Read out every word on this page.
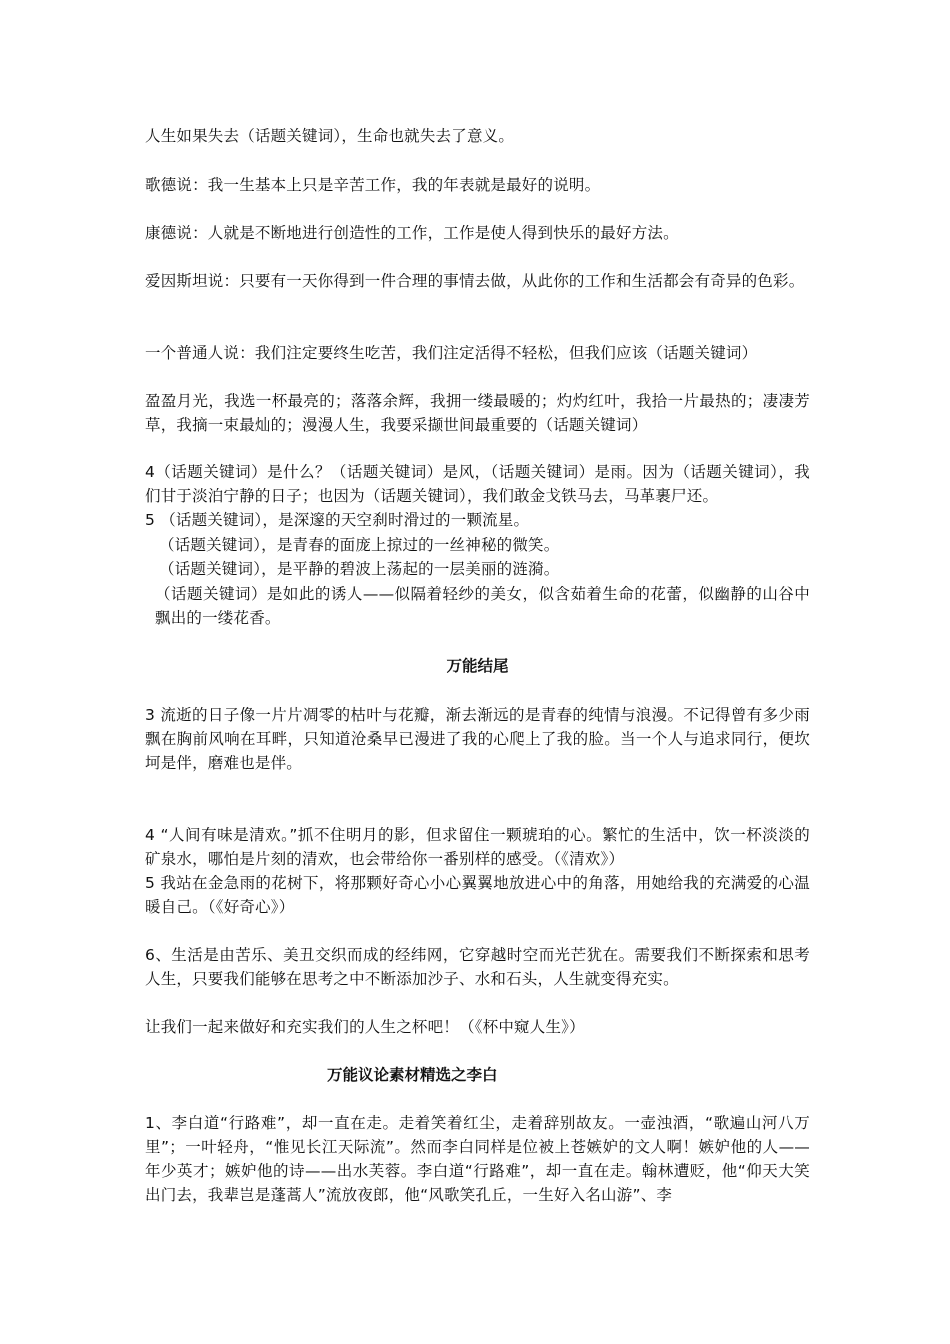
人生如果失去（话题关键词），生命也就失去了意义。

歌德说：我一生基本上只是辛苦工作，我的年表就是最好的说明。

康德说：人就是不断地进行创造性的工作，工作是使人得到快乐的最好方法。

爱因斯坦说：只要有一天你得到一件合理的事情去做，从此你的工作和生活都会有奇异的色彩。

一个普通人说：我们注定要终生吃苦，我们注定活得不轻松，但我们应该（话题关键词）

盈盈月光，我选一杯最亮的；落落余辉，我拥一缕最暖的；灼灼红叶，我拾一片最热的；凄凄芳草，我摘一束最灿的；漫漫人生，我要采撷世间最重要的（话题关键词）

4（话题关键词）是什么？（话题关键词）是风，（话题关键词）是雨。因为（话题关键词），我们甘于淡泊宁静的日子；也因为（话题关键词），我们敢金戈铁马去，马革裹尸还。

5 （话题关键词），是深邃的天空刹时滑过的一颗流星。

（话题关键词），是青春的面庞上掠过的一丝神秘的微笑。

（话题关键词），是平静的碧波上荡起的一层美丽的涟漪。

（话题关键词）是如此的诱人——似隔着轻纱的美女，似含茹着生命的花蕾，似幽静的山谷中飘出的一缕花香。

万能结尾

3 流逝的日子像一片片凋零的枯叶与花瓣，渐去渐远的是青春的纯情与浪漫。不记得曾有多少雨飘在胸前风响在耳畔，只知道沧桑早已漫进了我的心爬上了我的脸。当一个人与追求同行，便坎坷是伴，磨难也是伴。

4 “人间有味是清欢。”抓不住明月的影，但求留住一颗琥珀的心。繁忙的生活中，饮一杯淡淡的矿泉水，哪怕是片刻的清欢，也会带给你一番别样的感受。（《清欢》）

5 我站在金急雨的花树下，将那颗好奇心小心翼翼地放进心中的角落，用她给我的充满爱的心温暖自己。（《好奇心》）

6、生活是由苦乐、美丑交织而成的经纬网，它穿越时空而光芒犹在。需要我们不断探索和思考人生，只要我们能够在思考之中不断添加沙子、水和石头，人生就变得充实。

让我们一起来做好和充实我们的人生之杯吧！（《杯中窥人生》）

万能议论素材精选之李白

1、李白道“行路难”，却一直在走。走着笑着红尘，走着辞别故友。一壶浊酒，“歌遍山河八万里”；一叶轻舟，“惟见长江天际流”。然而李白同样是位被上苍嫉妒的文人啊！嫉妒他的人——年少英才；嫉妒他的诗——出水芙蓉。李白道“行路难”，却一直在走。翰林遭贬，他“仰天大笑出门去，我辈岂是蓬蒿人”流放夜郎，他“风歌笑孔丘，一生好入名山游”、李
